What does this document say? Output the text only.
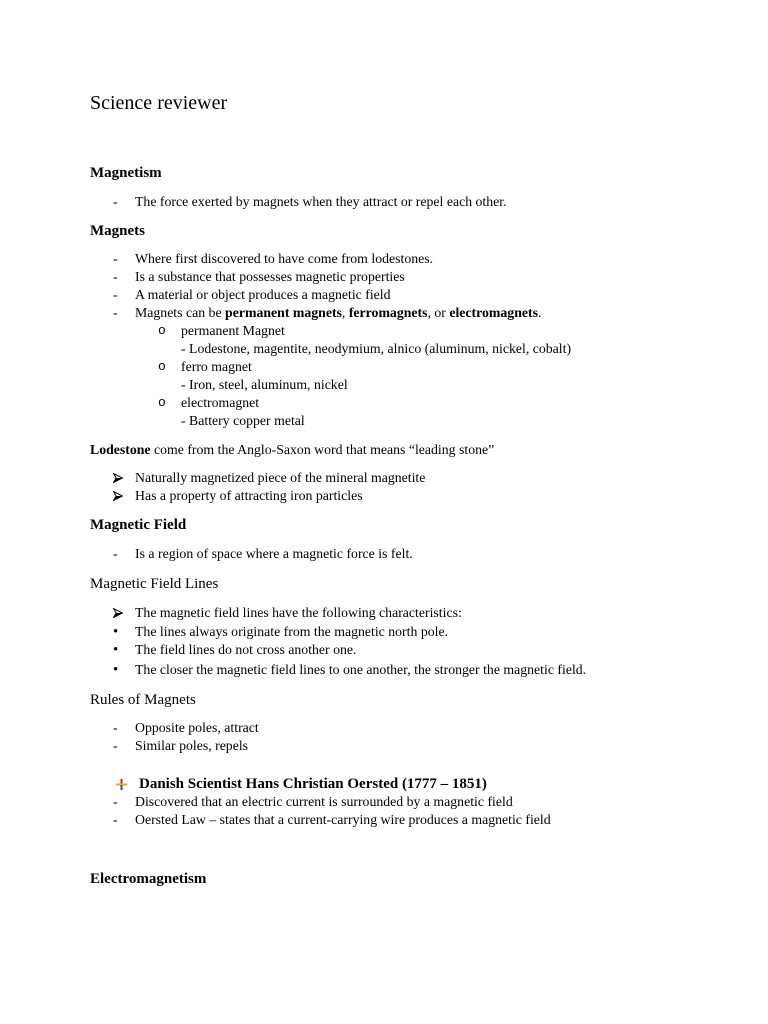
Science reviewer
Magnetism
- The force exerted by magnets when they attract or repel each other.
Magnets
- Where first discovered to have come from lodestones.
- Is a substance that possesses magnetic properties
- A material or object produces a magnetic field
- Magnets can be permanent magnets, ferromagnets, or electromagnets.
o permanent Magnet
- Lodestone, magentite, neodymium, alnico (aluminum, nickel, cobalt)
o ferro magnet
- Iron, steel, aluminum, nickel
o electromagnet
- Battery copper metal
Lodestone come from the Anglo-Saxon word that means “leading stone”
Naturally magnetized piece of the mineral magnetite
Has a property of attracting iron particles
Magnetic Field
- Is a region of space where a magnetic force is felt.
Magnetic Field Lines
The magnetic field lines have the following characteristics:
• The lines always originate from the magnetic north pole.
• The field lines do not cross another one.
• The closer the magnetic field lines to one another, the stronger the magnetic field.
Rules of Magnets
- Opposite poles, attract
- Similar poles, repels
Danish Scientist Hans Christian Oersted (1777 – 1851)
- Discovered that an electric current is surrounded by a magnetic field
- Oersted Law – states that a current-carrying wire produces a magnetic field
Electromagnetism
